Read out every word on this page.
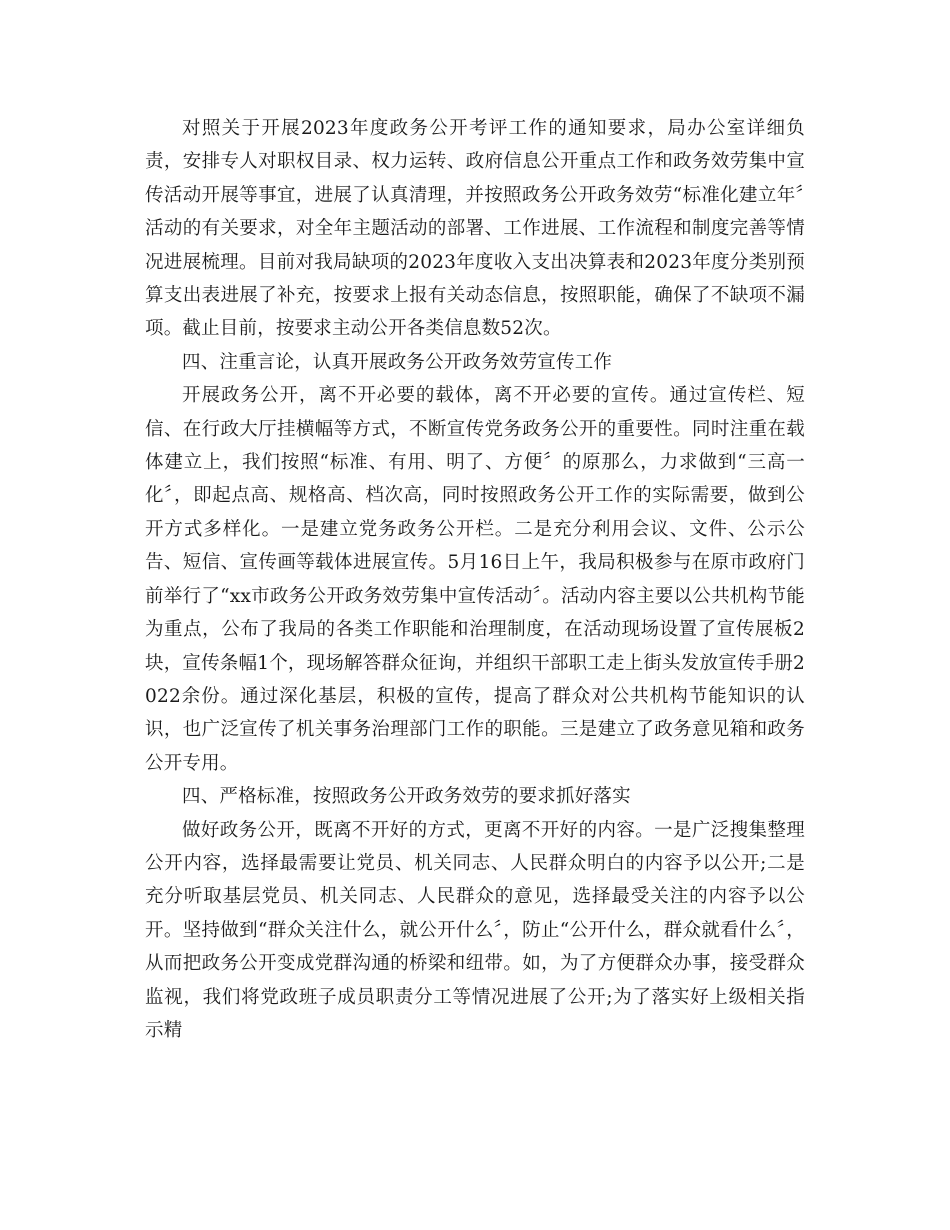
对照关于开展2023年度政务公开考评工作的通知要求，局办公室详细负责，安排专人对职权目录、权力运转、政府信息公开重点工作和政务效劳集中宣传活动开展等事宜，进展了认真清理，并按照政务公开政务效劳“标准化建立年〞活动的有关要求，对全年主题活动的部署、工作进展、工作流程和制度完善等情况进展梳理。目前对我局缺项的2023年度收入支出决算表和2023年度分类别预算支出表进展了补充，按要求上报有关动态信息，按照职能，确保了不缺项不漏项。截止目前，按要求主动公开各类信息数52次。

四、注重言论，认真开展政务公开政务效劳宣传工作

开展政务公开，离不开必要的载体，离不开必要的宣传。通过宣传栏、短信、在行政大厅挂横幅等方式，不断宣传党务政务公开的重要性。同时注重在载体建立上，我们按照“标准、有用、明了、方便〞的原那么，力求做到“三高一化〞，即起点高、规格高、档次高，同时按照政务公开工作的实际需要，做到公开方式多样化。一是建立党务政务公开栏。二是充分利用会议、文件、公示公告、短信、宣传画等载体进展宣传。5月16日上午，我局积极参与在原市政府门前举行了“xx市政务公开政务效劳集中宣传活动〞。活动内容主要以公共机构节能为重点，公布了我局的各类工作职能和治理制度，在活动现场设置了宣传展板2块，宣传条幅1个，现场解答群众征询，并组织干部职工走上街头发放宣传手册2022余份。通过深化基层，积极的宣传，提高了群众对公共机构节能知识的认识，也广泛宣传了机关事务治理部门工作的职能。三是建立了政务意见箱和政务公开专用。

四、严格标准，按照政务公开政务效劳的要求抓好落实

做好政务公开，既离不开好的方式，更离不开好的内容。一是广泛搜集整理公开内容，选择最需要让党员、机关同志、人民群众明白的内容予以公开;二是充分听取基层党员、机关同志、人民群众的意见，选择最受关注的内容予以公开。坚持做到“群众关注什么，就公开什么〞，防止“公开什么，群众就看什么〞，从而把政务公开变成党群沟通的桥梁和纽带。如，为了方便群众办事，接受群众监视，我们将党政班子成员职责分工等情况进展了公开;为了落实好上级相关指示精
